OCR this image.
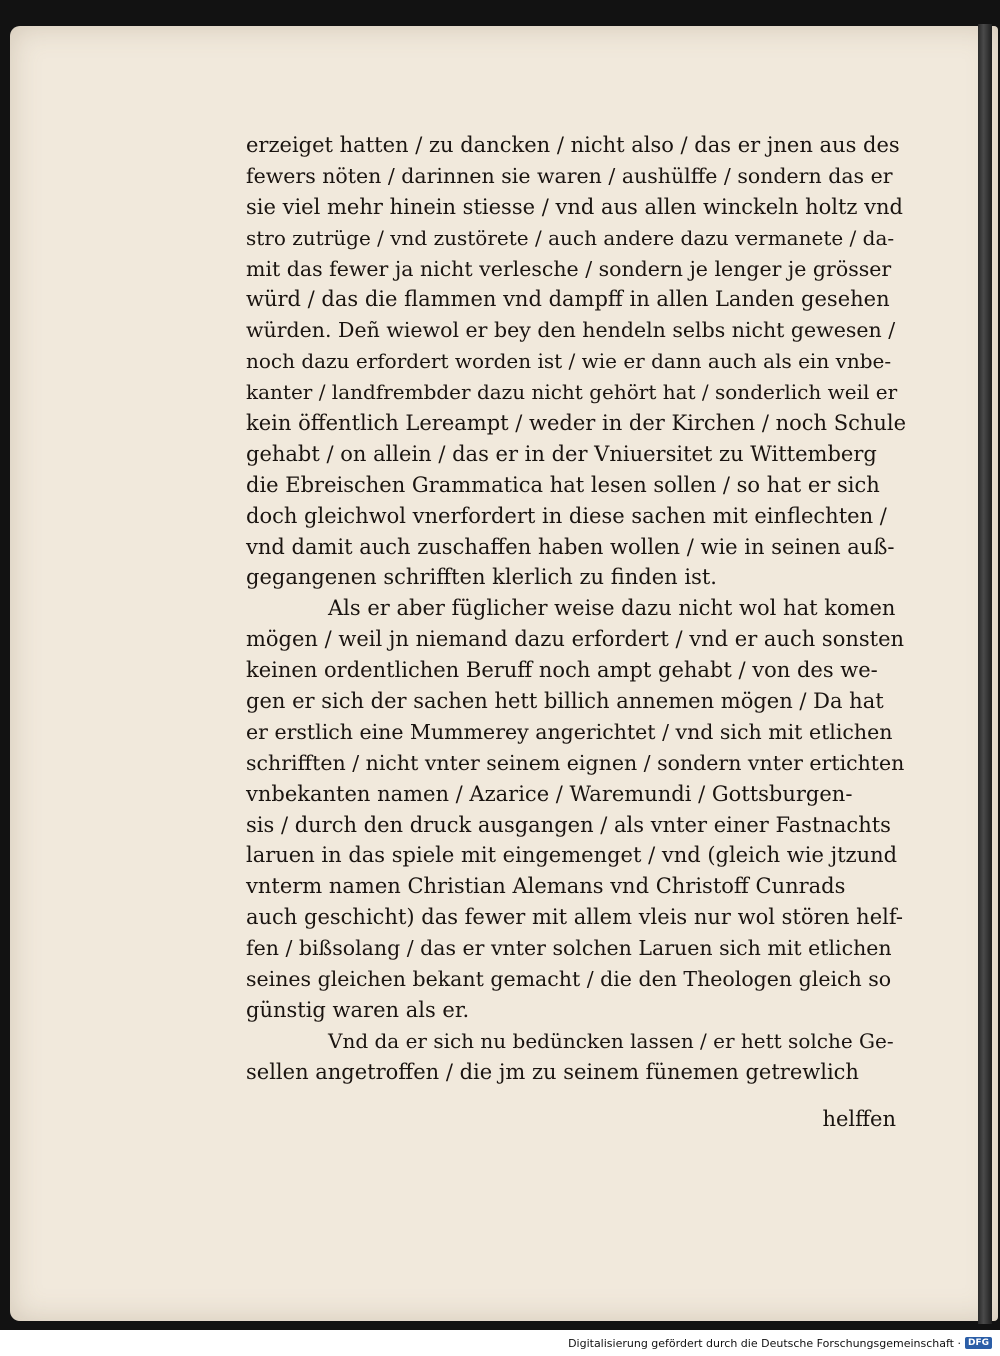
erzeiget hatten / zu dancken / nicht also / das er jnen aus des
fewers nöten / darinnen sie waren / aushülffe / sondern das er
sie viel mehr hinein stiesse / vnd aus allen winckeln holtz vnd
stro zutrüge / vnd zustörete / auch andere dazu vermanete / da-
mit das fewer ja nicht verlesche / sondern je lenger je grösser
würd / das die flammen vnd dampff in allen Landen gesehen
würden. Deñ wiewol er bey den hendeln selbs nicht gewesen /
noch dazu erfordert worden ist / wie er dann auch als ein vnbe-
kanter / landfrembder dazu nicht gehört hat / sonderlich weil er
kein öffentlich Lereampt / weder in der Kirchen / noch Schule
gehabt / on allein / das er in der Vniuersitet zu Wittemberg
die Ebreischen Grammatica hat lesen sollen / so hat er sich
doch gleichwol vnerfordert in diese sachen mit einflechten /
vnd damit auch zuschaffen haben wollen / wie in seinen auß-
gegangenen schrifften klerlich zu finden ist.
Als er aber füglicher weise dazu nicht wol hat komen
mögen / weil jn niemand dazu erfordert / vnd er auch sonsten
keinen ordentlichen Beruff noch ampt gehabt / von des we-
gen er sich der sachen hett billich annemen mögen / Da hat
er erstlich eine Mummerey angerichtet / vnd sich mit etlichen
schrifften / nicht vnter seinem eignen / sondern vnter ertichten
vnbekanten namen / Azarice / Waremundi / Gottsburgen-
sis / durch den druck ausgangen / als vnter einer Fastnachts
laruen in das spiele mit eingemenget / vnd (gleich wie jtzund
vnterm namen Christian Alemans vnd Christoff Cunrads
auch geschicht) das fewer mit allem vleis nur wol stören helf-
fen / bißsolang / das er vnter solchen Laruen sich mit etlichen
seines gleichen bekant gemacht / die den Theologen gleich so
günstig waren als er.
Vnd da er sich nu bedüncken lassen / er hett solche Ge-
sellen angetroffen / die jm zu seinem fünemen getrewlich
helffen
Digitalisierung gefördert durch die Deutsche Forschungsgemeinschaft · DFG
